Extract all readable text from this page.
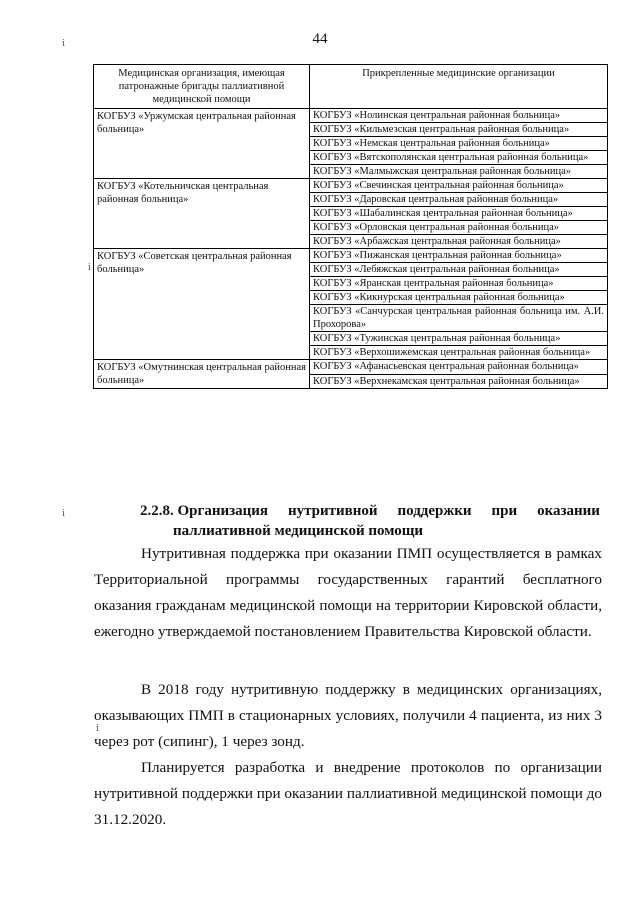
44
ⅰ
ⅰ
ⅰ
ⅰ
Медицинская организация, имеющая патронажные бригады паллиативной медицинской помощи	Прикрепленные медицинские организации
КОГБУЗ «Уржумская центральная районная больница»	КОГБУЗ «Нолинская центральная районная больница»
	КОГБУЗ «Кильмезская центральная районная больница»
	КОГБУЗ «Немская центральная районная больница»
	КОГБУЗ «Вятскополянская центральная районная больница»
	КОГБУЗ «Малмыжская центральная районная больница»
КОГБУЗ «Котельничская центральная районная больница»	КОГБУЗ «Свечинская центральная районная больница»
	КОГБУЗ «Даровская центральная районная больница»
	КОГБУЗ «Шабалинская центральная районная больница»
	КОГБУЗ «Орловская центральная районная больница»
	КОГБУЗ «Арбажская центральная районная больница»
КОГБУЗ «Советская центральная районная больница»	КОГБУЗ «Пижанская центральная районная больница»
	КОГБУЗ «Лебяжская центральная районная больница»
	КОГБУЗ «Яранская центральная районная больница»
	КОГБУЗ «Кикнурская центральная районная больница»
	КОГБУЗ «Санчурская центральная районная больница им. А.И. Прохорова»
	КОГБУЗ «Тужинская центральная районная больница»
	КОГБУЗ «Верхошижемская центральная районная больница»
КОГБУЗ «Омутнинская центральная районная больница»	КОГБУЗ «Афанасьевская центральная районная больница»
	КОГБУЗ «Верхнекамская центральная районная больница»
2.2.8. Организация нутритивной поддержки при оказании
паллиативной медицинской помощи
Нутритивная поддержка при оказании ПМП осуществляется в рамках Территориальной программы государственных гарантий бесплатного оказания гражданам медицинской помощи на территории Кировской области, ежегодно утверждаемой постановлением Правительства Кировской области.
В 2018 году нутритивную поддержку в медицинских организациях, оказывающих ПМП в стационарных условиях, получили 4 пациента, из них 3 через рот (сипинг), 1 через зонд.
Планируется разработка и внедрение протоколов по организации нутритивной поддержки при оказании паллиативной медицинской помощи до 31.12.2020.
